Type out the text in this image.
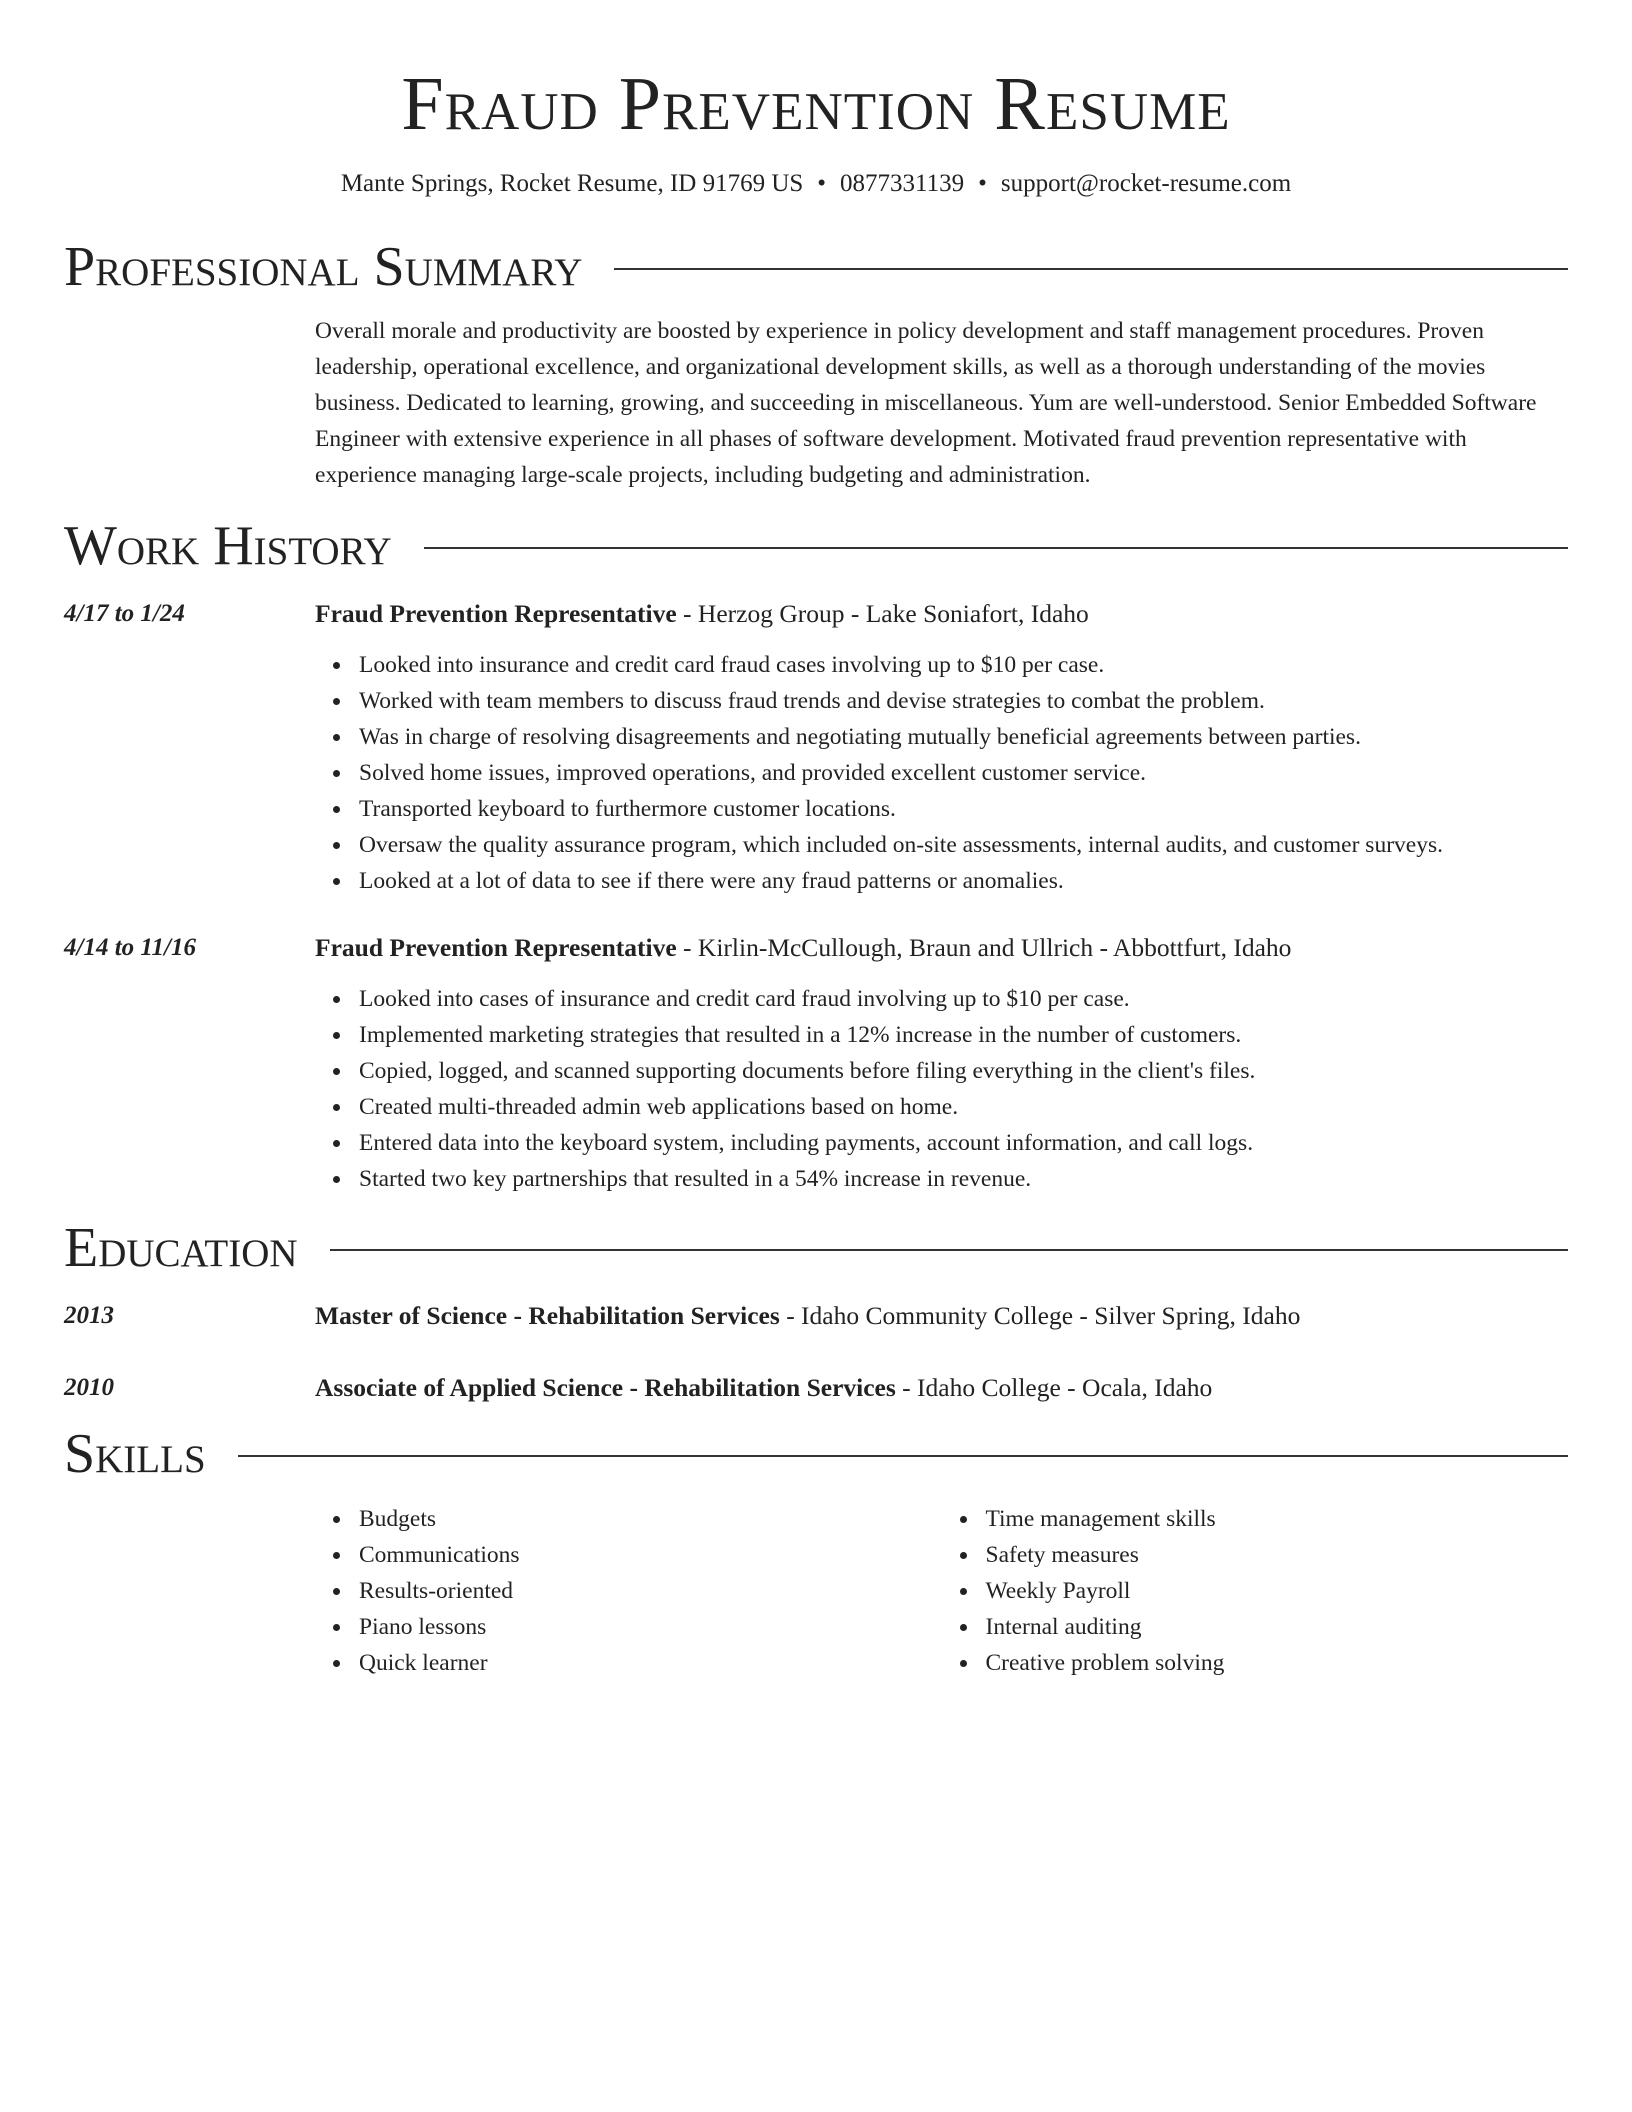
Fraud Prevention Resume
Mante Springs, Rocket Resume, ID 91769 US • 0877331139 • support@rocket-resume.com
Professional Summary
Overall morale and productivity are boosted by experience in policy development and staff management procedures. Proven leadership, operational excellence, and organizational development skills, as well as a thorough understanding of the movies business. Dedicated to learning, growing, and succeeding in miscellaneous. Yum are well-understood. Senior Embedded Software Engineer with extensive experience in all phases of software development. Motivated fraud prevention representative with experience managing large-scale projects, including budgeting and administration.
Work History
4/17 to 1/24	Fraud Prevention Representative - Herzog Group - Lake Soniafort, Idaho
Looked into insurance and credit card fraud cases involving up to $10 per case.
Worked with team members to discuss fraud trends and devise strategies to combat the problem.
Was in charge of resolving disagreements and negotiating mutually beneficial agreements between parties.
Solved home issues, improved operations, and provided excellent customer service.
Transported keyboard to furthermore customer locations.
Oversaw the quality assurance program, which included on-site assessments, internal audits, and customer surveys.
Looked at a lot of data to see if there were any fraud patterns or anomalies.
4/14 to 11/16	Fraud Prevention Representative - Kirlin-McCullough, Braun and Ullrich - Abbottfurt, Idaho
Looked into cases of insurance and credit card fraud involving up to $10 per case.
Implemented marketing strategies that resulted in a 12% increase in the number of customers.
Copied, logged, and scanned supporting documents before filing everything in the client's files.
Created multi-threaded admin web applications based on home.
Entered data into the keyboard system, including payments, account information, and call logs.
Started two key partnerships that resulted in a 54% increase in revenue.
Education
2013	Master of Science - Rehabilitation Services - Idaho Community College - Silver Spring, Idaho
2010	Associate of Applied Science - Rehabilitation Services - Idaho College - Ocala, Idaho
Skills
Budgets
Communications
Results-oriented
Piano lessons
Quick learner
Time management skills
Safety measures
Weekly Payroll
Internal auditing
Creative problem solving
